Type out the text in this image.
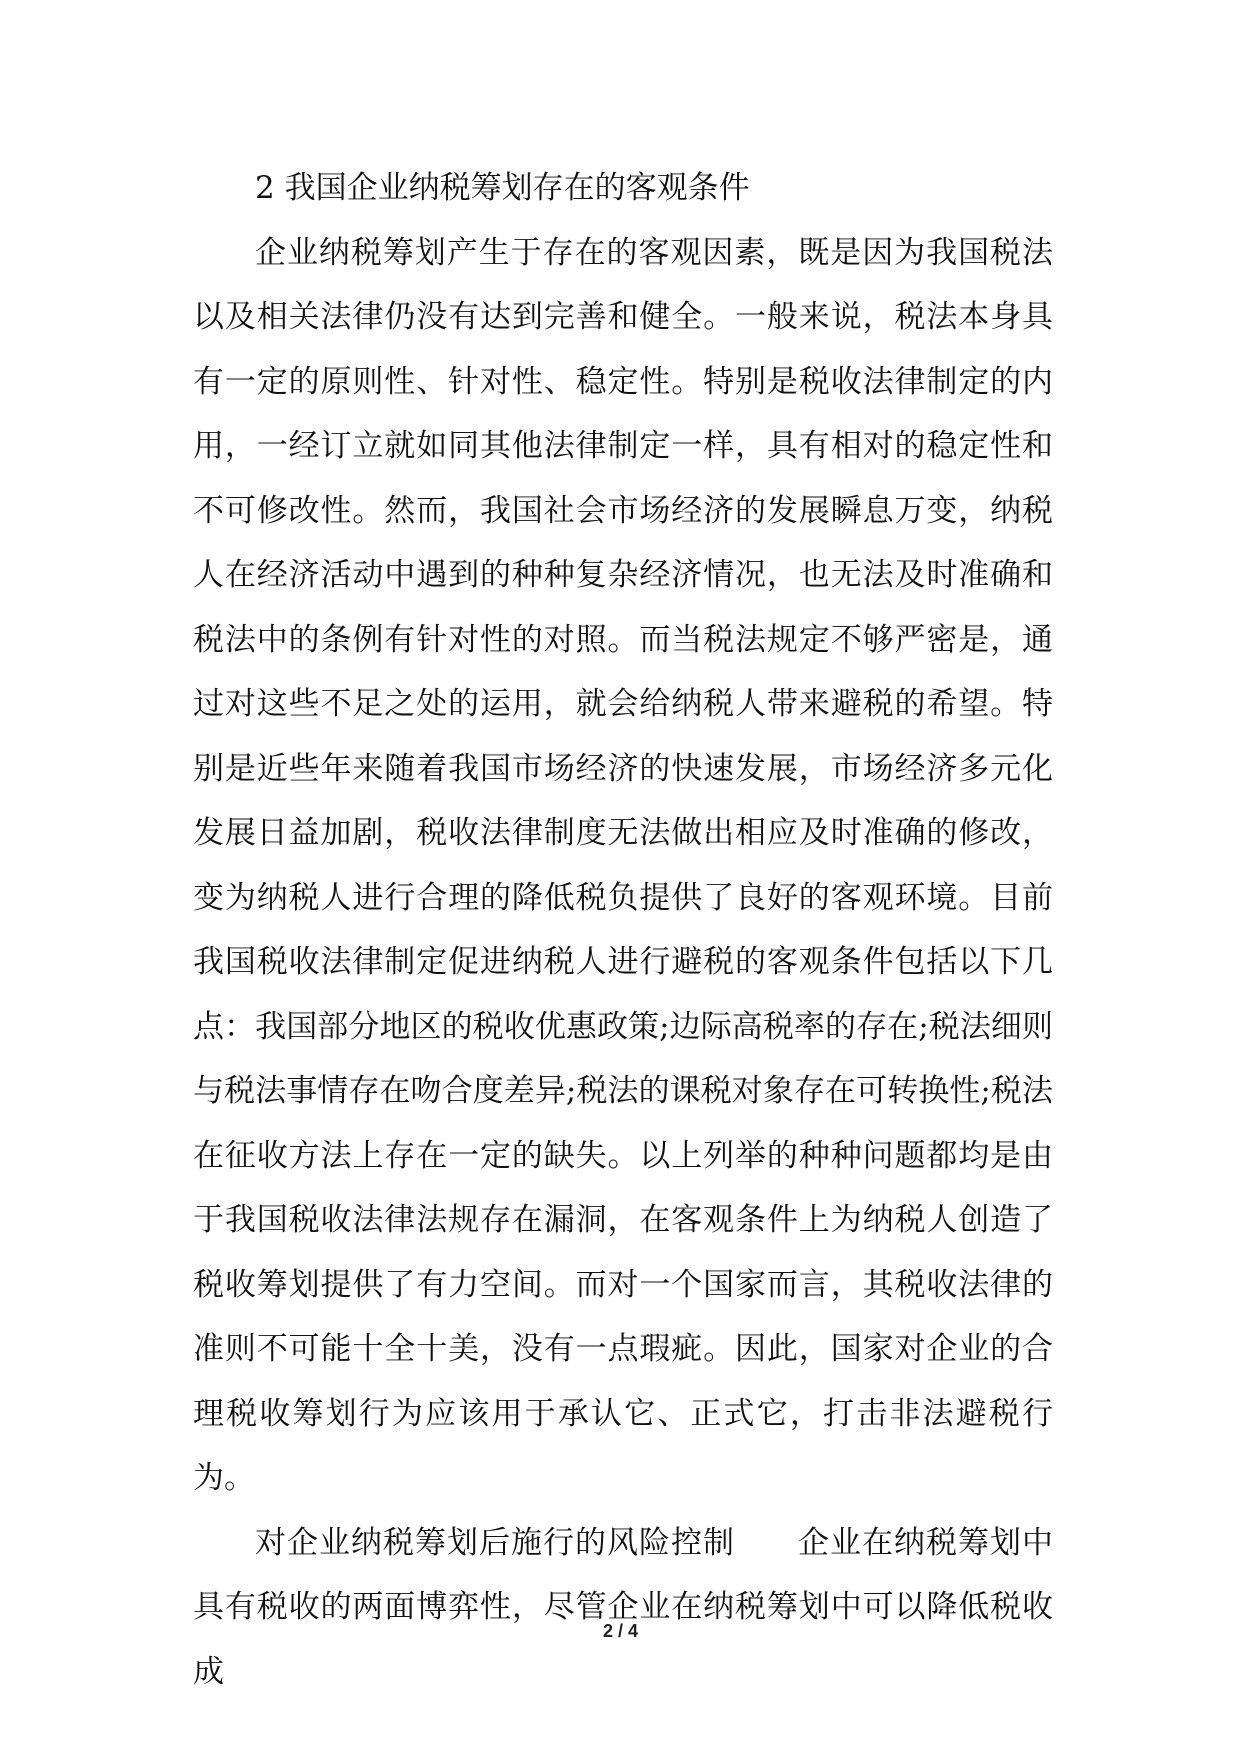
2 我国企业纳税筹划存在的客观条件

企业纳税筹划产生于存在的客观因素，既是因为我国税法以及相关法律仍没有达到完善和健全。一般来说，税法本身具有一定的原则性、针对性、稳定性。特别是税收法律制定的内用，一经订立就如同其他法律制定一样，具有相对的稳定性和不可修改性。然而，我国社会市场经济的发展瞬息万变，纳税人在经济活动中遇到的种种复杂经济情况，也无法及时准确和税法中的条例有针对性的对照。而当税法规定不够严密是，通过对这些不足之处的运用，就会给纳税人带来避税的希望。特别是近些年来随着我国市场经济的快速发展，市场经济多元化发展日益加剧，税收法律制度无法做出相应及时准确的修改，变为纳税人进行合理的降低税负提供了良好的客观环境。目前我国税收法律制定促进纳税人进行避税的客观条件包括以下几点：我国部分地区的税收优惠政策;边际高税率的存在;税法细则与税法事情存在吻合度差异;税法的课税对象存在可转换性;税法在征收方法上存在一定的缺失。以上列举的种种问题都均是由于我国税收法律法规存在漏洞，在客观条件上为纳税人创造了税收筹划提供了有力空间。而对一个国家而言，其税收法律的准则不可能十全十美，没有一点瑕疵。因此，国家对企业的合理税收筹划行为应该用于承认它、正式它，打击非法避税行为。

对企业纳税筹划后施行的风险控制 企业在纳税筹划中具有税收的两面博弈性，尽管企业在纳税筹划中可以降低税收成

2 / 4
